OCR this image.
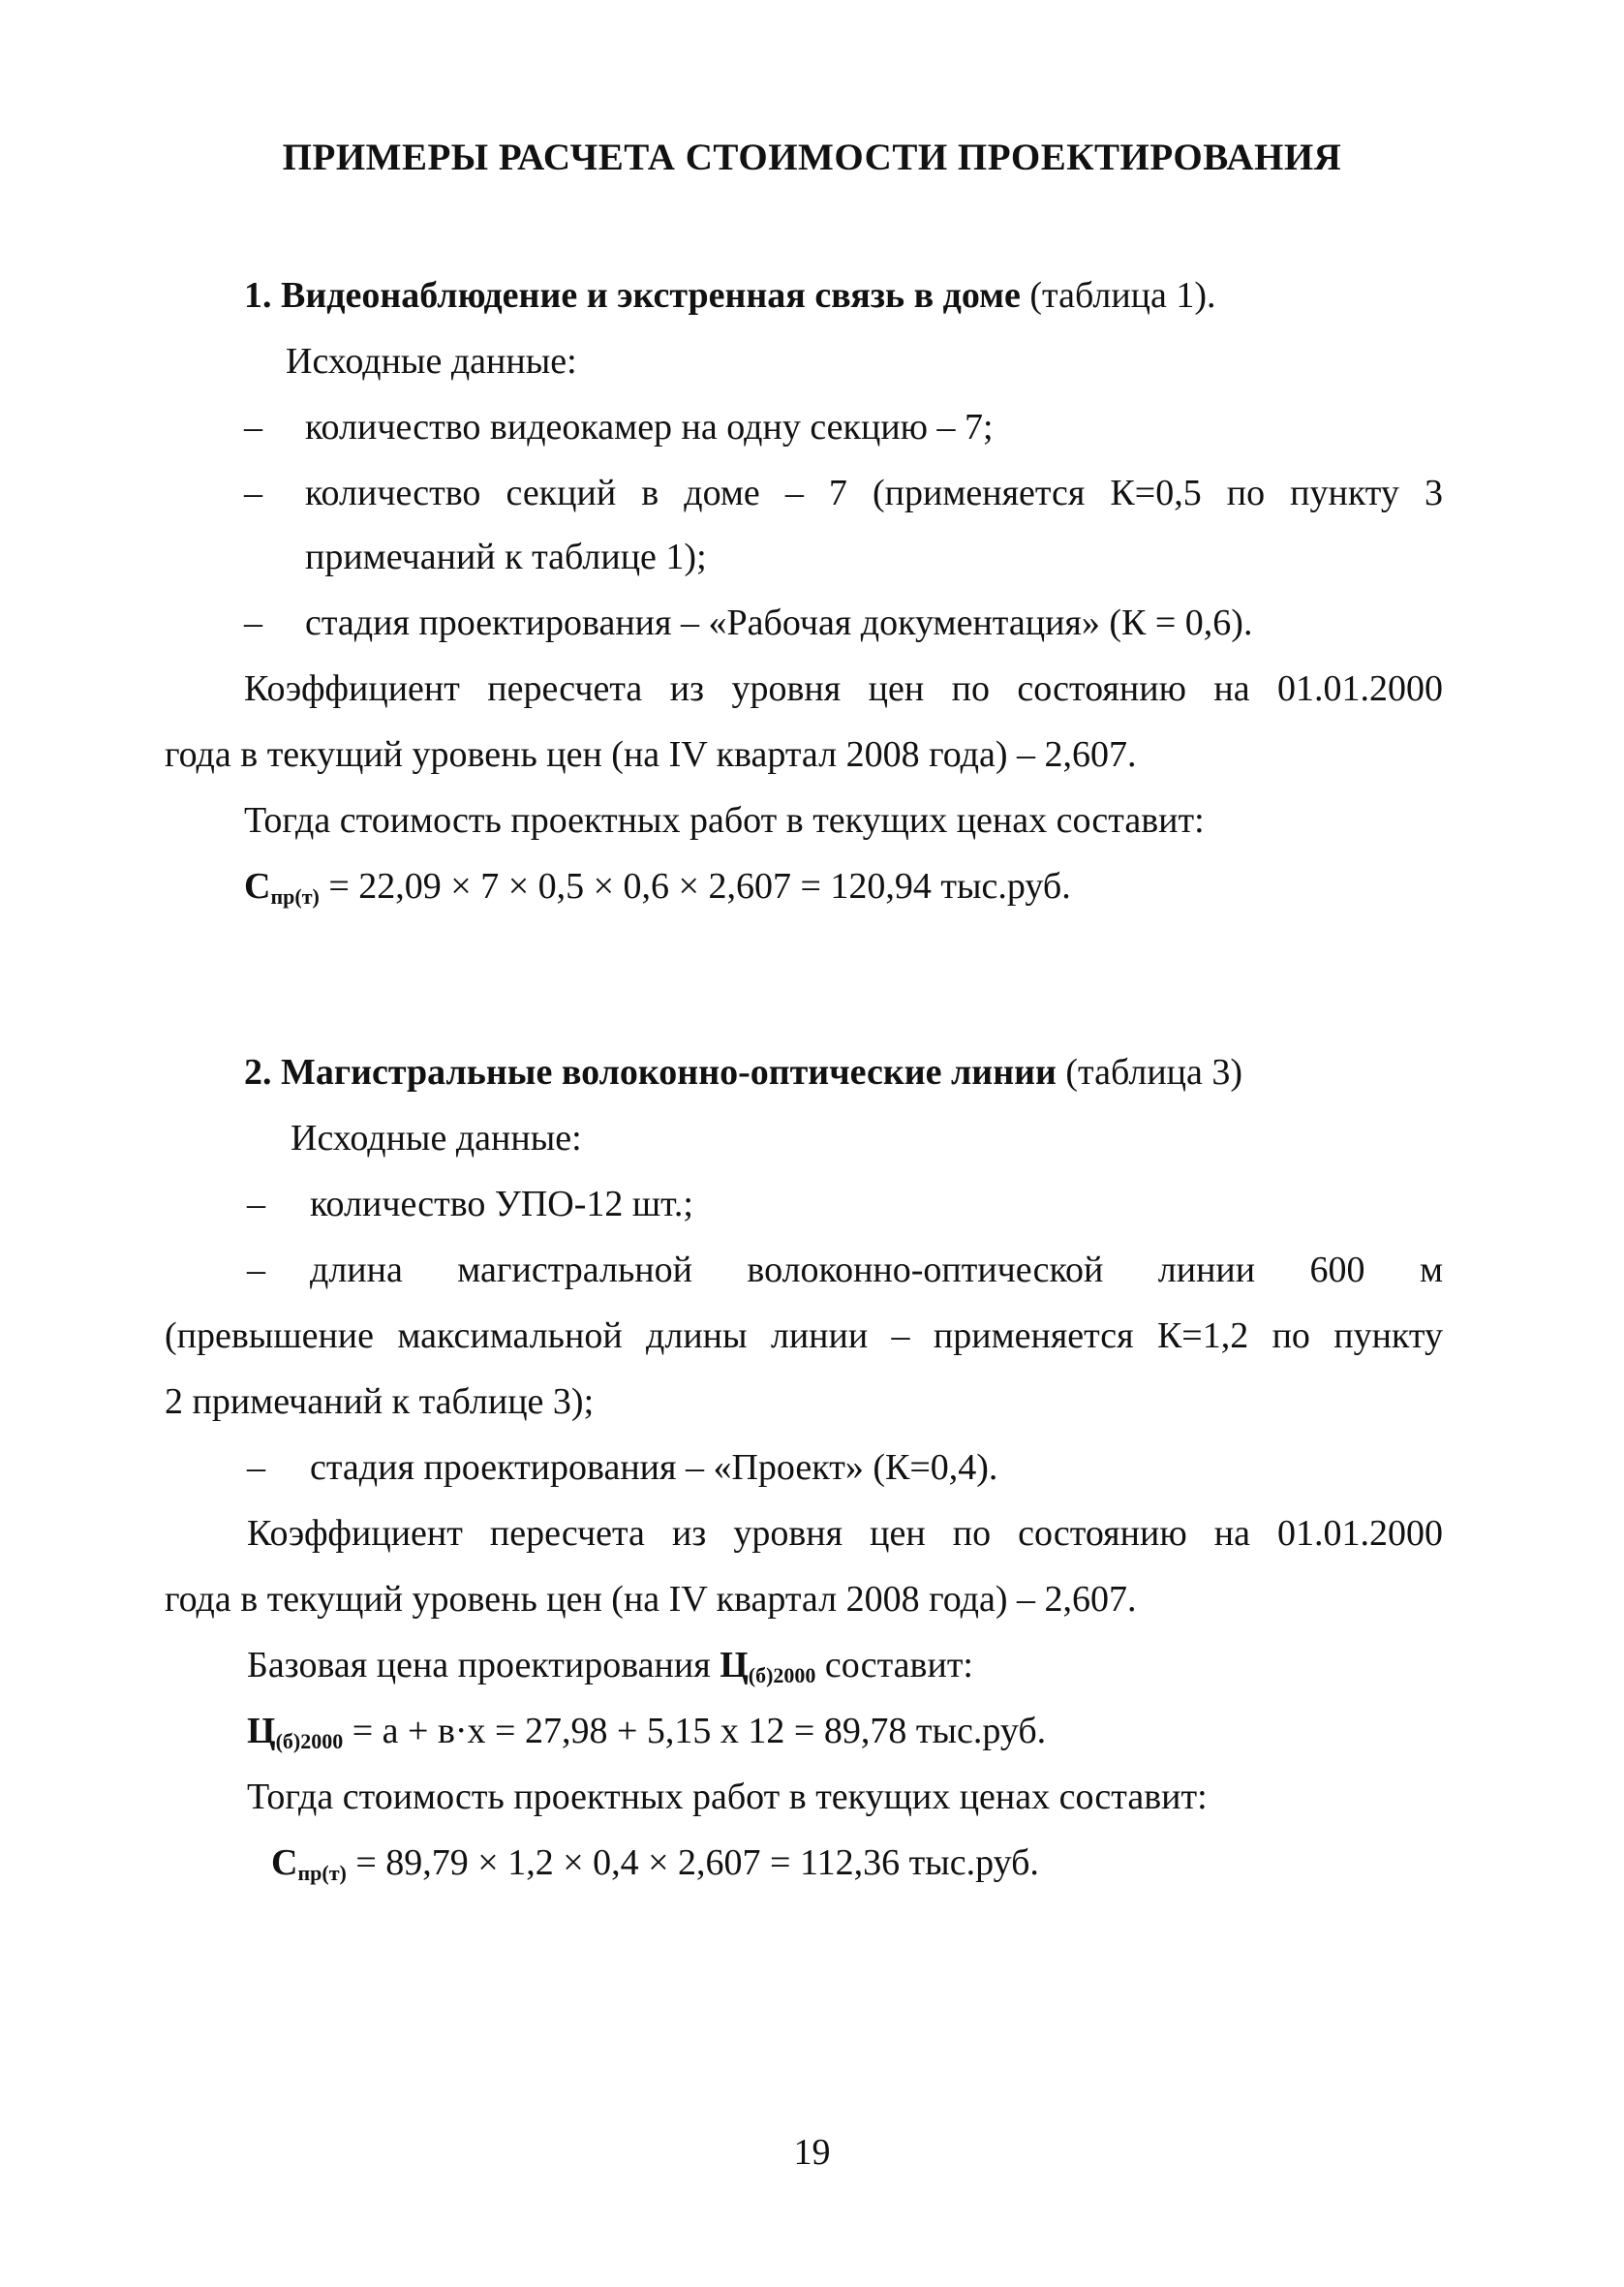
ПРИМЕРЫ РАСЧЕТА СТОИМОСТИ ПРОЕКТИРОВАНИЯ
1. Видеонаблюдение и экстренная связь в доме (таблица 1).
Исходные данные:
– количество видеокамер на одну секцию – 7;
– количество секций в доме – 7 (применяется К=0,5 по пункту 3
примечаний к таблице 1);
– стадия проектирования – «Рабочая документация» (К = 0,6).
Коэффициент пересчета из уровня цен по состоянию на 01.01.2000
года в текущий уровень цен (на IV квартал 2008 года) – 2,607.
Тогда стоимость проектных работ в текущих ценах составит:
$С_{пр(т)} = 22,09 \times 7 \times 0,5 \times 0,6 \times 2,607 = 120,94$ тыс.руб.
2. Магистральные волоконно-оптические линии (таблица 3)
Исходные данные:
– количество УПО-12 шт.;
– длина магистральной волоконно-оптической линии 600 м
(превышение максимальной длины линии – применяется К=1,2 по пункту
2 примечаний к таблице 3);
– стадия проектирования – «Проект» (К=0,4).
Коэффициент пересчета из уровня цен по состоянию на 01.01.2000
года в текущий уровень цен (на IV квартал 2008 года) – 2,607.
Базовая цена проектирования $Ц_{(б)2000}$ составит:
$Ц_{(б)2000} = а + в\cdot х = 27,98 + 5,15$ х 12 = 89,78 тыс.руб.
Тогда стоимость проектных работ в текущих ценах составит:
$С_{пр(т)} = 89,79 \times 1,2 \times 0,4 \times 2,607 = 112,36$ тыс.руб.
19
